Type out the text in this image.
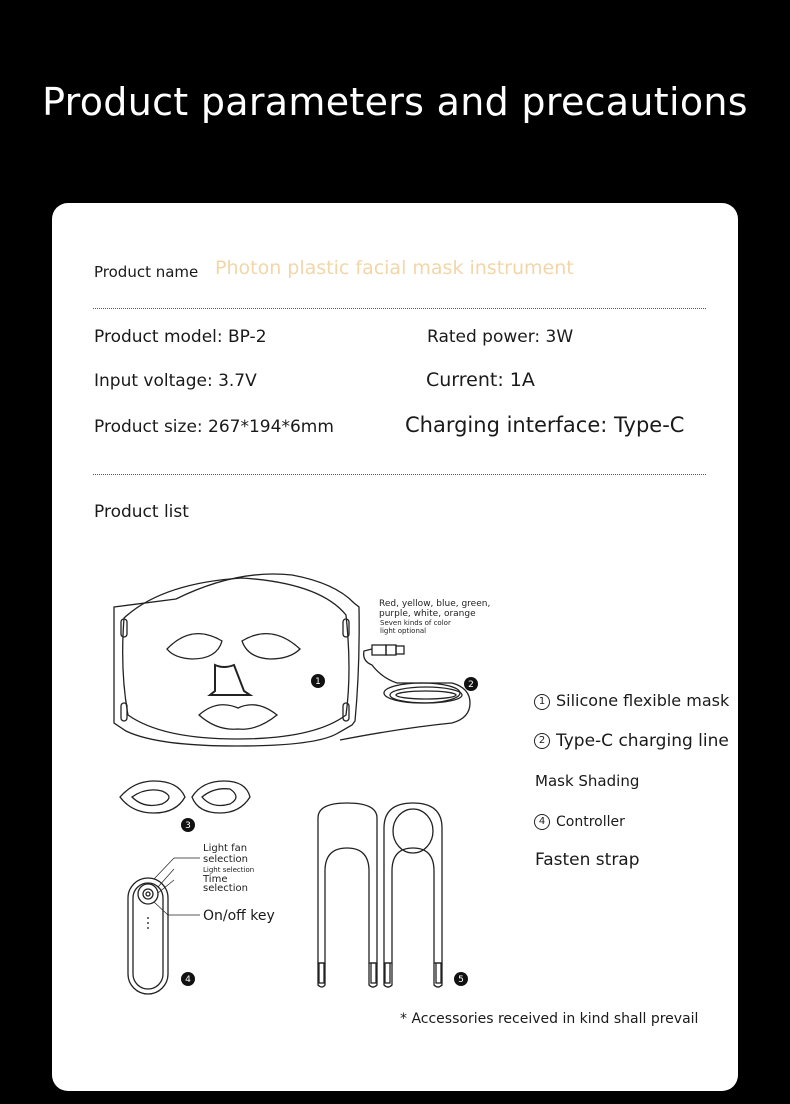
Product parameters and precautions
Product name Photon plastic facial mask instrument
Product model: BP-2	Rated power: 3W
Input voltage: 3.7V	Current: 1A
Product size: 267*194*6mm	Charging interface: Type-C
Product list
1	2
3
4	5
Red, yellow, blue, green,
purple, white, orange
Seven kinds of color
light optional
Light fan
selection
Light selection
Time
selection
On/off key
1 Silicone flexible mask
2 Type-C charging line
Mask Shading
4 Controller
Fasten strap
* Accessories received in kind shall prevail
